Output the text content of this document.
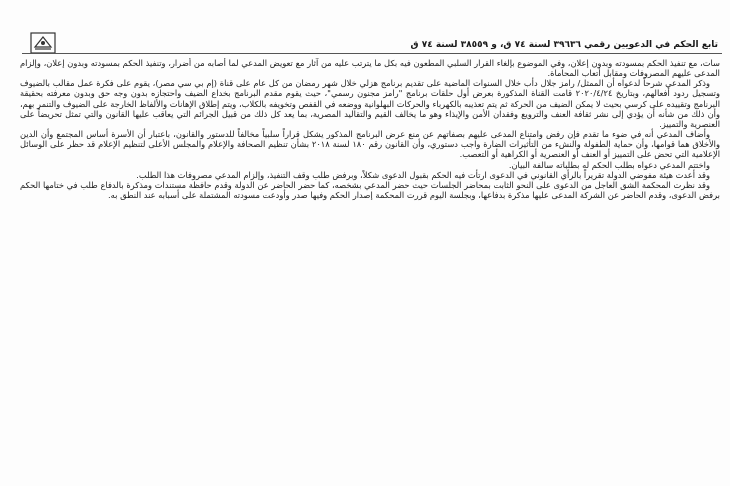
تابع الحكم في الدعويين رقمي ٣٩٦٣٦ لسنة ٧٤ ق، و ٣٨٥٥٩ لسنة ٧٤ ق

سات، مع تنفيذ الحكم بمسودته وبدون إعلان، وفي الموضوع بإلغاء القرار السلبي المطعون فيه بكل ما يترتب عليه من آثار مع تعويض المدعي لما أصابه من أضرار، وتنفيذ الحكم بمسودته وبدون إعلان، وإلزام المدعى عليهم المصروفات ومقابل أتعاب المحاماة.

وذكر المدعي شرحاً لدعواه أن الممثل/ رامز جلال دأب خلال السنوات الماضية على تقديم برنامج هزلي خلال شهر رمضان من كل عام على قناة (إم بي سي مصر)، يقوم على فكرة عمل مقالب بالضيوف وتسجيل ردود أفعالهم، وبتاريخ ٢٠٢٠/٤/٢٤ قامت القناة المذكورة بعرض أول حلقات برنامج "رامز مجنون رسمي"، حيث يقوم مقدم البرنامج بخداع الضيف واحتجازه بدون وجه حق وبدون معرفته بحقيقة البرنامج وتقييده على كرسي بحيث لا يمكن الضيف من الحركة ثم يتم تعذيبه بالكهرباء والحركات البهلوانية ووضعه في القفص وتخويفه بالكلاب، ويتم إطلاق الإهانات والألفاظ الخارجة على الضيوف والتنمر بهم، وأن ذلك من شأنه أن يؤدي إلى نشر ثقافة العنف والترويع وفقدان الأمن والإيذاء وهو ما يخالف القيم والتقاليد المصرية، بما يعد كل ذلك من قبيل الجرائم التي يعاقب عليها القانون والتي تمثل تحريضاً على العنصرية والتمييز.

وأضاف المدعي أنه في ضوء ما تقدم فإن رفض وامتناع المدعى عليهم بصفاتهم عن منع عرض البرنامج المذكور يشكل قراراً سلبياً مخالفاً للدستور والقانون، باعتبار أن الأسرة أساس المجتمع وأن الدين والأخلاق هما قوامها، وأن حماية الطفولة والنشء من التأثيرات الضارة واجب دستوري، وأن القانون رقم ١٨٠ لسنة ٢٠١٨ بشأن تنظيم الصحافة والإعلام والمجلس الأعلى لتنظيم الإعلام قد حظر على الوسائل الإعلامية التي تحض على التمييز أو العنف أو العنصرية أو الكراهية أو التعصب.

واختتم المدعي دعواه بطلب الحكم له بطلباته سالفة البيان.

وقد أعدت هيئة مفوضي الدولة تقريراً بالرأي القانوني في الدعوى ارتأت فيه الحكم بقبول الدعوى شكلاً، وبرفض طلب وقف التنفيذ، وإلزام المدعي مصروفات هذا الطلب.

وقد نظرت المحكمة الشق العاجل من الدعوى على النحو الثابت بمحاضر الجلسات حيث حضر المدعي بشخصه، كما حضر الحاضر عن الدولة وقدم حافظة مستندات ومذكرة بالدفاع طلب في ختامها الحكم برفض الدعوى، وقدم الحاضر عن الشركة المدعى عليها مذكرة بدفاعها، وبجلسة اليوم قررت المحكمة إصدار الحكم وفيها صدر وأودعت مسودته المشتملة على أسبابه عند النطق به.
